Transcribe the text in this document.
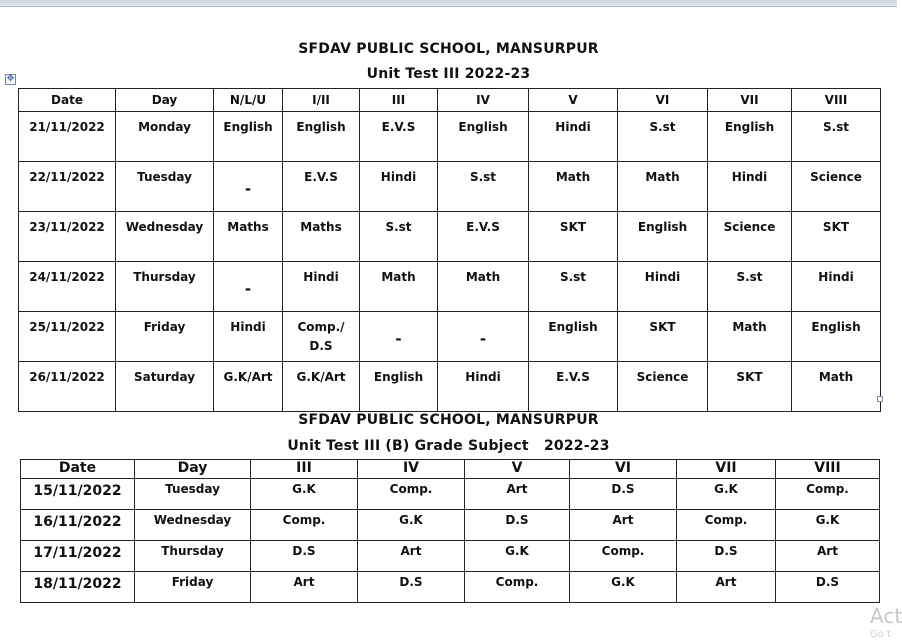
SFDAV PUBLIC SCHOOL, MANSURPUR
Unit Test III 2022-23
✥
Date	Day	N/L/U	I/II	III	IV	V	VI	VII	VIII
21/11/2022	Monday	English	English	E.V.S	English	Hindi	S.st	English	S.st
22/11/2022	Tuesday	-	E.V.S	Hindi	S.st	Math	Math	Hindi	Science
23/11/2022	Wednesday	Maths	Maths	S.st	E.V.S	SKT	English	Science	SKT
24/11/2022	Thursday	-	Hindi	Math	Math	S.st	Hindi	S.st	Hindi
25/11/2022	Friday	Hindi	Comp./ D.S	-	-	English	SKT	Math	English
26/11/2022	Saturday	G.K/Art	G.K/Art	English	Hindi	E.V.S	Science	SKT	Math
SFDAV PUBLIC SCHOOL, MANSURPUR
Unit Test III (B) Grade Subject   2022-23
Date	Day	III	IV	V	VI	VII	VIII
15/11/2022	Tuesday	G.K	Comp.	Art	D.S	G.K	Comp.
16/11/2022	Wednesday	Comp.	G.K	D.S	Art	Comp.	G.K
17/11/2022	Thursday	D.S	Art	G.K	Comp.	D.S	Art
18/11/2022	Friday	Art	D.S	Comp.	G.K	Art	D.S
Act
Go t
